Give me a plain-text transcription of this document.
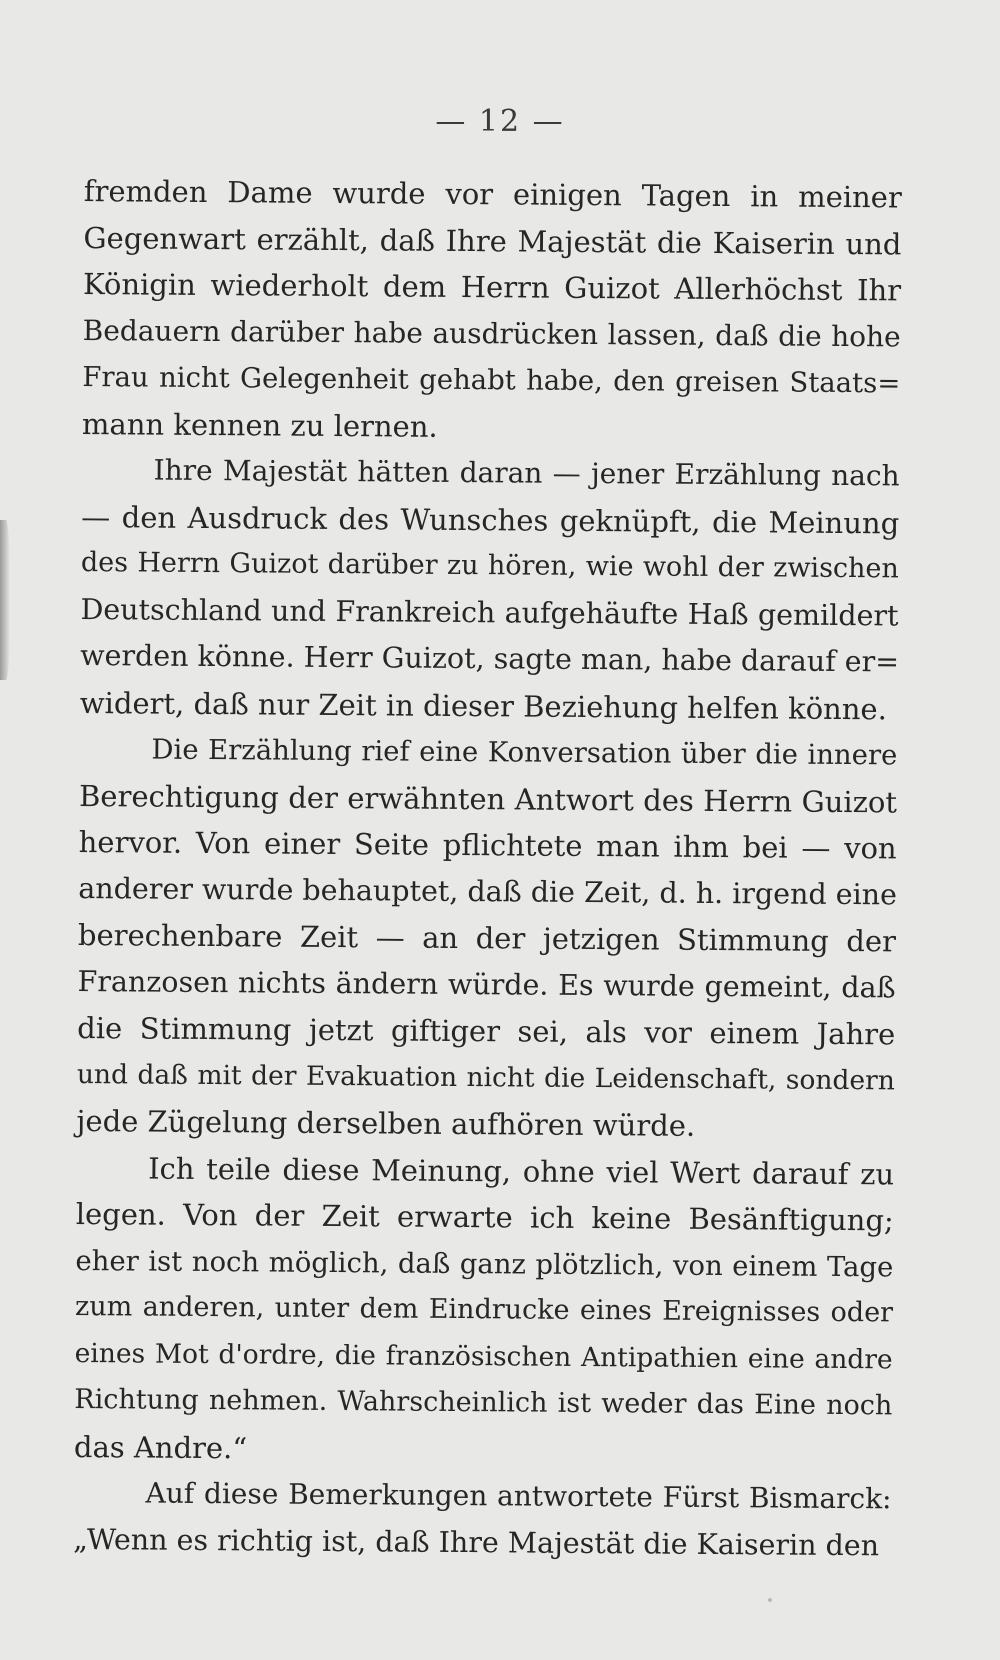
— 12 —
fremden Dame wurde vor einigen Tagen in meiner
Gegenwart erzählt, daß Ihre Majestät die Kaiserin und
Königin wiederholt dem Herrn Guizot Allerhöchst Ihr
Bedauern darüber habe ausdrücken lassen, daß die hohe
Frau nicht Gelegenheit gehabt habe, den greisen Staats=
mann kennen zu lernen.
Ihre Majestät hätten daran — jener Erzählung nach
— den Ausdruck des Wunsches geknüpft, die Meinung
des Herrn Guizot darüber zu hören, wie wohl der zwischen
Deutschland und Frankreich aufgehäufte Haß gemildert
werden könne. Herr Guizot, sagte man, habe darauf er=
widert, daß nur Zeit in dieser Beziehung helfen könne.
Die Erzählung rief eine Konversation über die innere
Berechtigung der erwähnten Antwort des Herrn Guizot
hervor. Von einer Seite pflichtete man ihm bei — von
anderer wurde behauptet, daß die Zeit, d. h. irgend eine
berechenbare Zeit — an der jetzigen Stimmung der
Franzosen nichts ändern würde. Es wurde gemeint, daß
die Stimmung jetzt giftiger sei, als vor einem Jahre
und daß mit der Evakuation nicht die Leidenschaft, sondern
jede Zügelung derselben aufhören würde.
Ich teile diese Meinung, ohne viel Wert darauf zu
legen. Von der Zeit erwarte ich keine Besänftigung;
eher ist noch möglich, daß ganz plötzlich, von einem Tage
zum anderen, unter dem Eindrucke eines Ereignisses oder
eines Mot d'ordre, die französischen Antipathien eine andre
Richtung nehmen. Wahrscheinlich ist weder das Eine noch
das Andre.“
Auf diese Bemerkungen antwortete Fürst Bismarck:
„Wenn es richtig ist, daß Ihre Majestät die Kaiserin den
